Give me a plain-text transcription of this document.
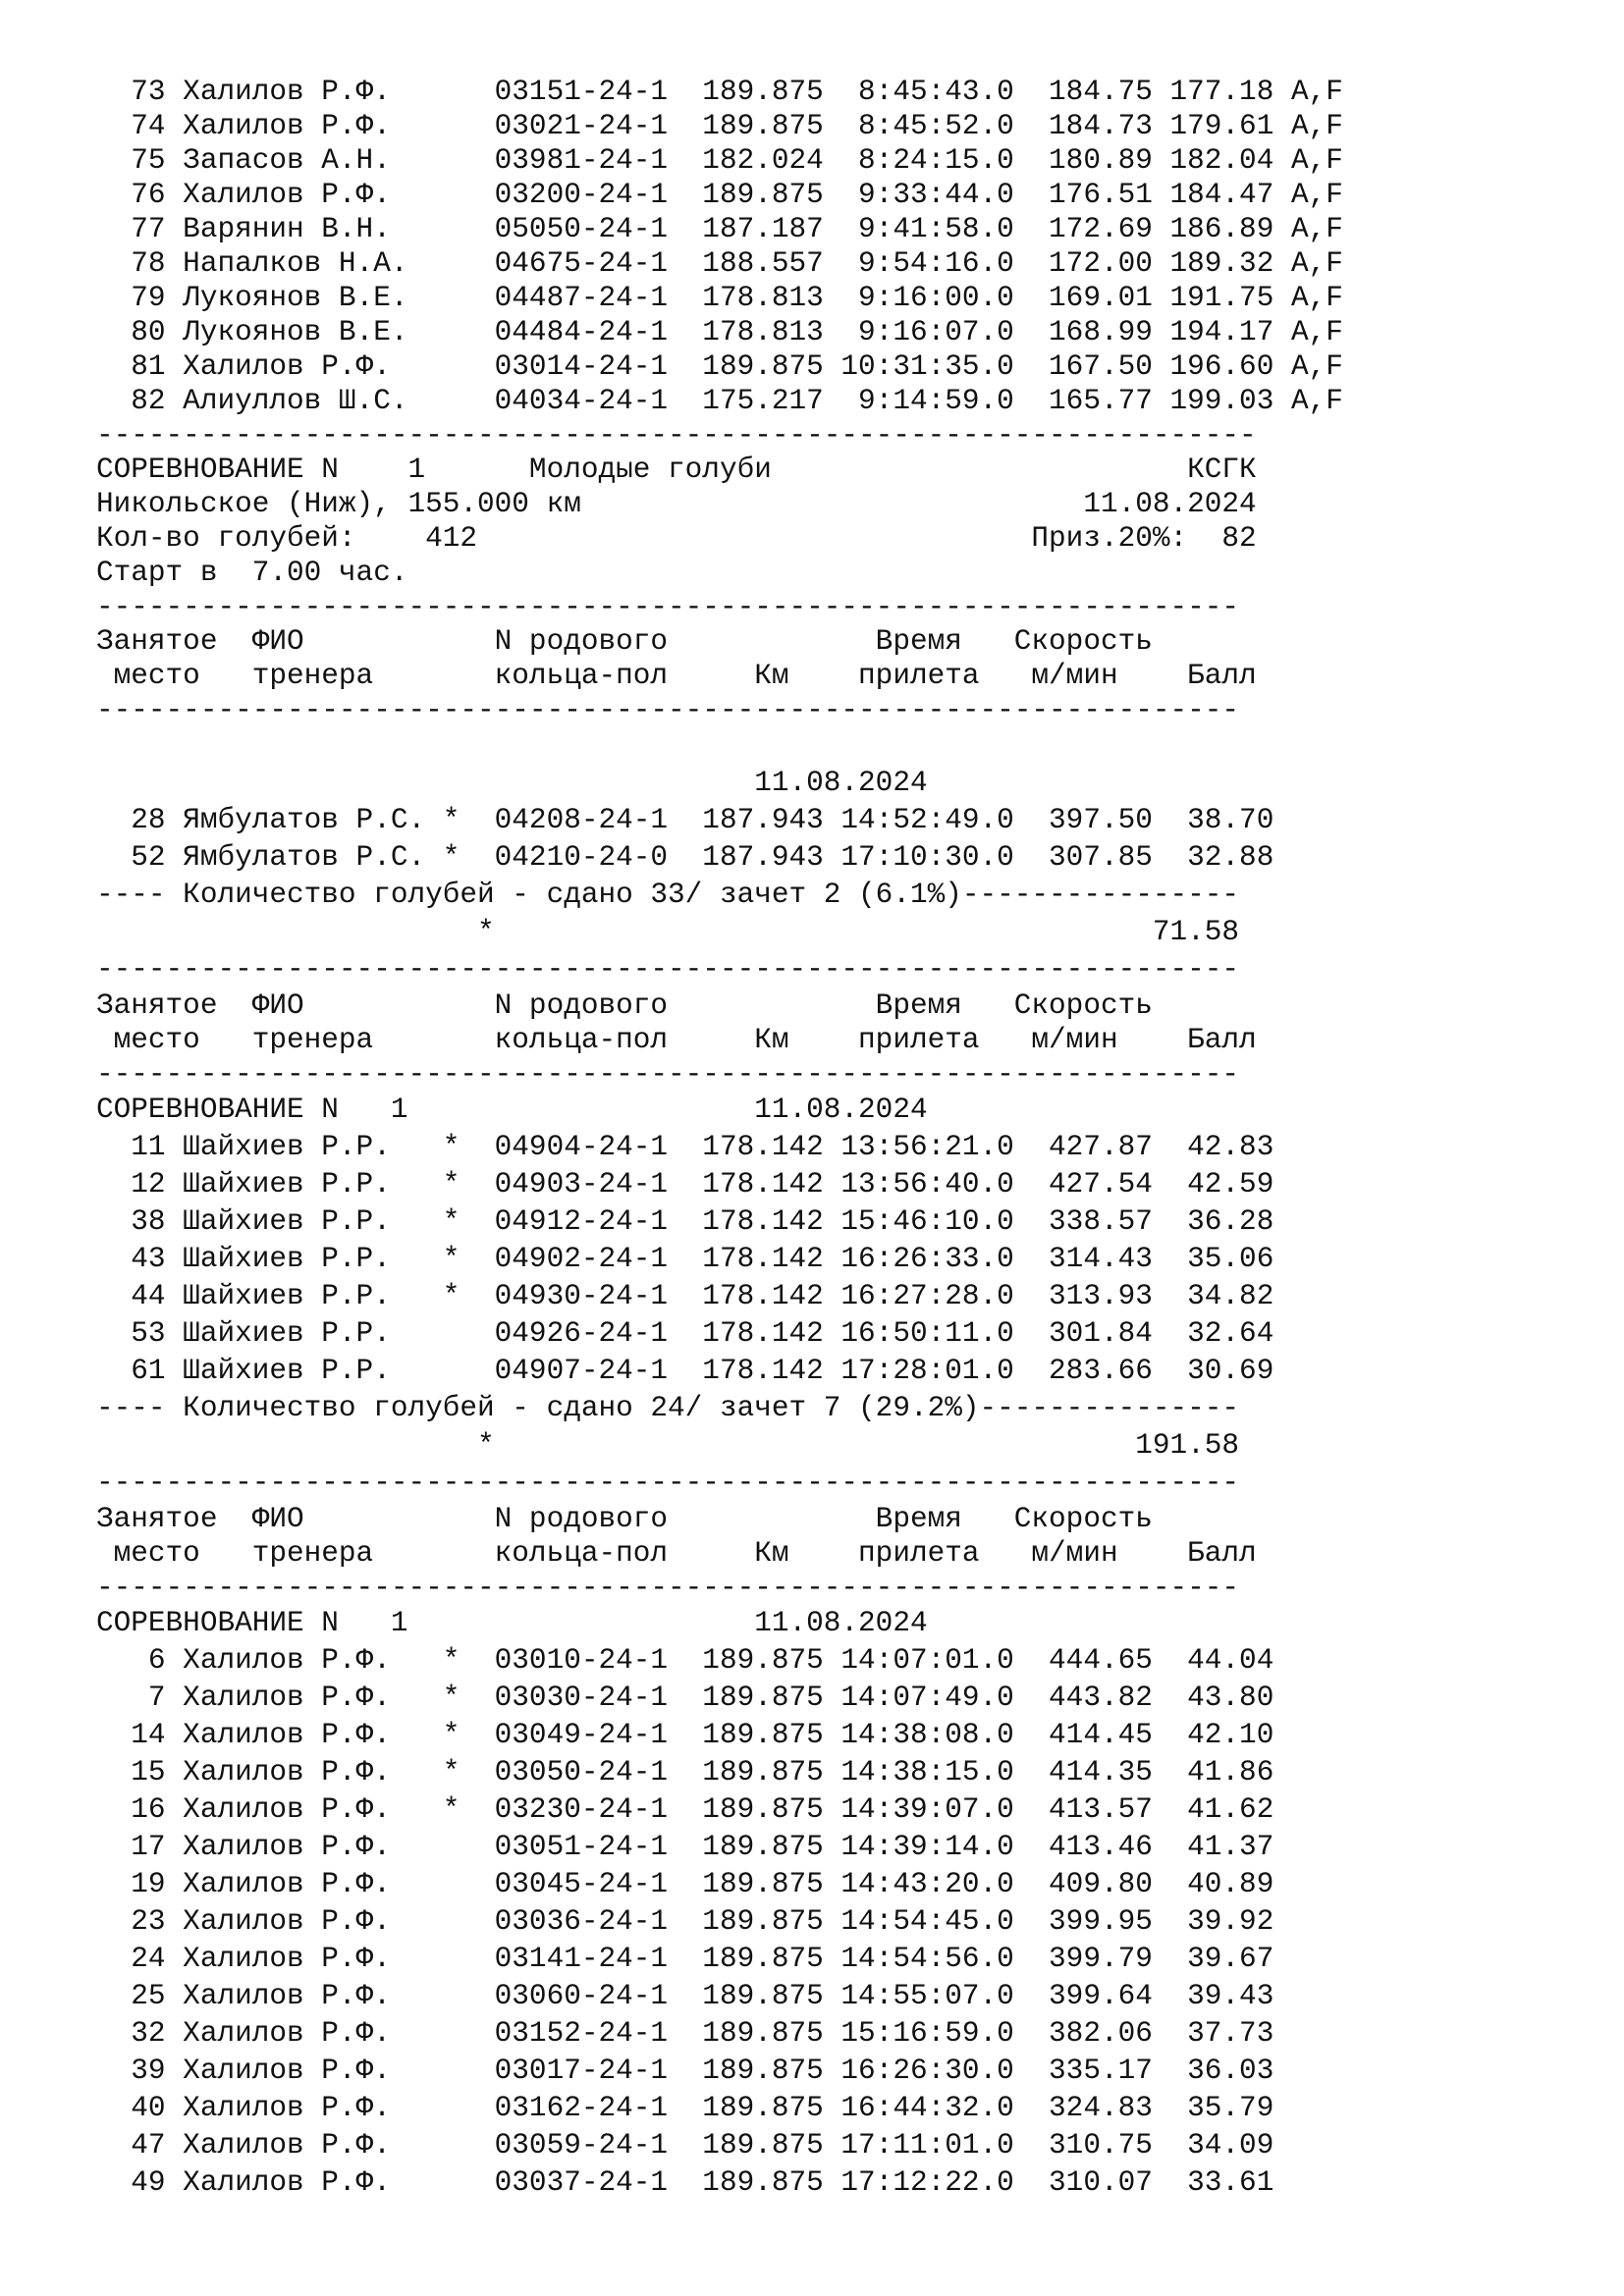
73 Халилов Р.Ф.      03151-24-1  189.875  8:45:43.0  184.75 177.18 A,F
74 Халилов Р.Ф.      03021-24-1  189.875  8:45:52.0  184.73 179.61 A,F
75 Запасов А.Н.      03981-24-1  182.024  8:24:15.0  180.89 182.04 A,F
76 Халилов Р.Ф.      03200-24-1  189.875  9:33:44.0  176.51 184.47 A,F
77 Варянин В.Н.      05050-24-1  187.187  9:41:58.0  172.69 186.89 A,F
78 Напалков Н.А.     04675-24-1  188.557  9:54:16.0  172.00 189.32 A,F
79 Лукоянов В.Е.     04487-24-1  178.813  9:16:00.0  169.01 191.75 A,F
80 Лукоянов В.Е.     04484-24-1  178.813  9:16:07.0  168.99 194.17 A,F
81 Халилов Р.Ф.      03014-24-1  189.875 10:31:35.0  167.50 196.60 A,F
82 Алиуллов Ш.С.     04034-24-1  175.217  9:14:59.0  165.77 199.03 A,F
-------------------------------------------------------------------
СОРЕВНОВАНИЕ N    1      Молодые голуби                        КСГК
Никольское (Ниж), 155.000 км                             11.08.2024
Кол-во голубей:    412                                Приз.20%:  82
Старт в  7.00 час.
------------------------------------------------------------------
Занятое  ФИО           N родового            Время   Скорость
место   тренера       кольца-пол     Км    прилета   м/мин    Балл
------------------------------------------------------------------

11.08.2024
28 Ямбулатов Р.С. *  04208-24-1  187.943 14:52:49.0  397.50  38.70
52 Ямбулатов Р.С. *  04210-24-0  187.943 17:10:30.0  307.85  32.88
---- Количество голубей - сдано 33/ зачет 2 (6.1%)----------------
*                                      71.58
------------------------------------------------------------------
Занятое  ФИО           N родового            Время   Скорость
место   тренера       кольца-пол     Км    прилета   м/мин    Балл
------------------------------------------------------------------
СОРЕВНОВАНИЕ N   1                    11.08.2024
11 Шайхиев Р.Р.   *  04904-24-1  178.142 13:56:21.0  427.87  42.83
12 Шайхиев Р.Р.   *  04903-24-1  178.142 13:56:40.0  427.54  42.59
38 Шайхиев Р.Р.   *  04912-24-1  178.142 15:46:10.0  338.57  36.28
43 Шайхиев Р.Р.   *  04902-24-1  178.142 16:26:33.0  314.43  35.06
44 Шайхиев Р.Р.   *  04930-24-1  178.142 16:27:28.0  313.93  34.82
53 Шайхиев Р.Р.      04926-24-1  178.142 16:50:11.0  301.84  32.64
61 Шайхиев Р.Р.      04907-24-1  178.142 17:28:01.0  283.66  30.69
---- Количество голубей - сдано 24/ зачет 7 (29.2%)---------------
*                                     191.58
------------------------------------------------------------------
Занятое  ФИО           N родового            Время   Скорость
место   тренера       кольца-пол     Км    прилета   м/мин    Балл
------------------------------------------------------------------
СОРЕВНОВАНИЕ N   1                    11.08.2024
6 Халилов Р.Ф.   *  03010-24-1  189.875 14:07:01.0  444.65  44.04
7 Халилов Р.Ф.   *  03030-24-1  189.875 14:07:49.0  443.82  43.80
14 Халилов Р.Ф.   *  03049-24-1  189.875 14:38:08.0  414.45  42.10
15 Халилов Р.Ф.   *  03050-24-1  189.875 14:38:15.0  414.35  41.86
16 Халилов Р.Ф.   *  03230-24-1  189.875 14:39:07.0  413.57  41.62
17 Халилов Р.Ф.      03051-24-1  189.875 14:39:14.0  413.46  41.37
19 Халилов Р.Ф.      03045-24-1  189.875 14:43:20.0  409.80  40.89
23 Халилов Р.Ф.      03036-24-1  189.875 14:54:45.0  399.95  39.92
24 Халилов Р.Ф.      03141-24-1  189.875 14:54:56.0  399.79  39.67
25 Халилов Р.Ф.      03060-24-1  189.875 14:55:07.0  399.64  39.43
32 Халилов Р.Ф.      03152-24-1  189.875 15:16:59.0  382.06  37.73
39 Халилов Р.Ф.      03017-24-1  189.875 16:26:30.0  335.17  36.03
40 Халилов Р.Ф.      03162-24-1  189.875 16:44:32.0  324.83  35.79
47 Халилов Р.Ф.      03059-24-1  189.875 17:11:01.0  310.75  34.09
49 Халилов Р.Ф.      03037-24-1  189.875 17:12:22.0  310.07  33.61
